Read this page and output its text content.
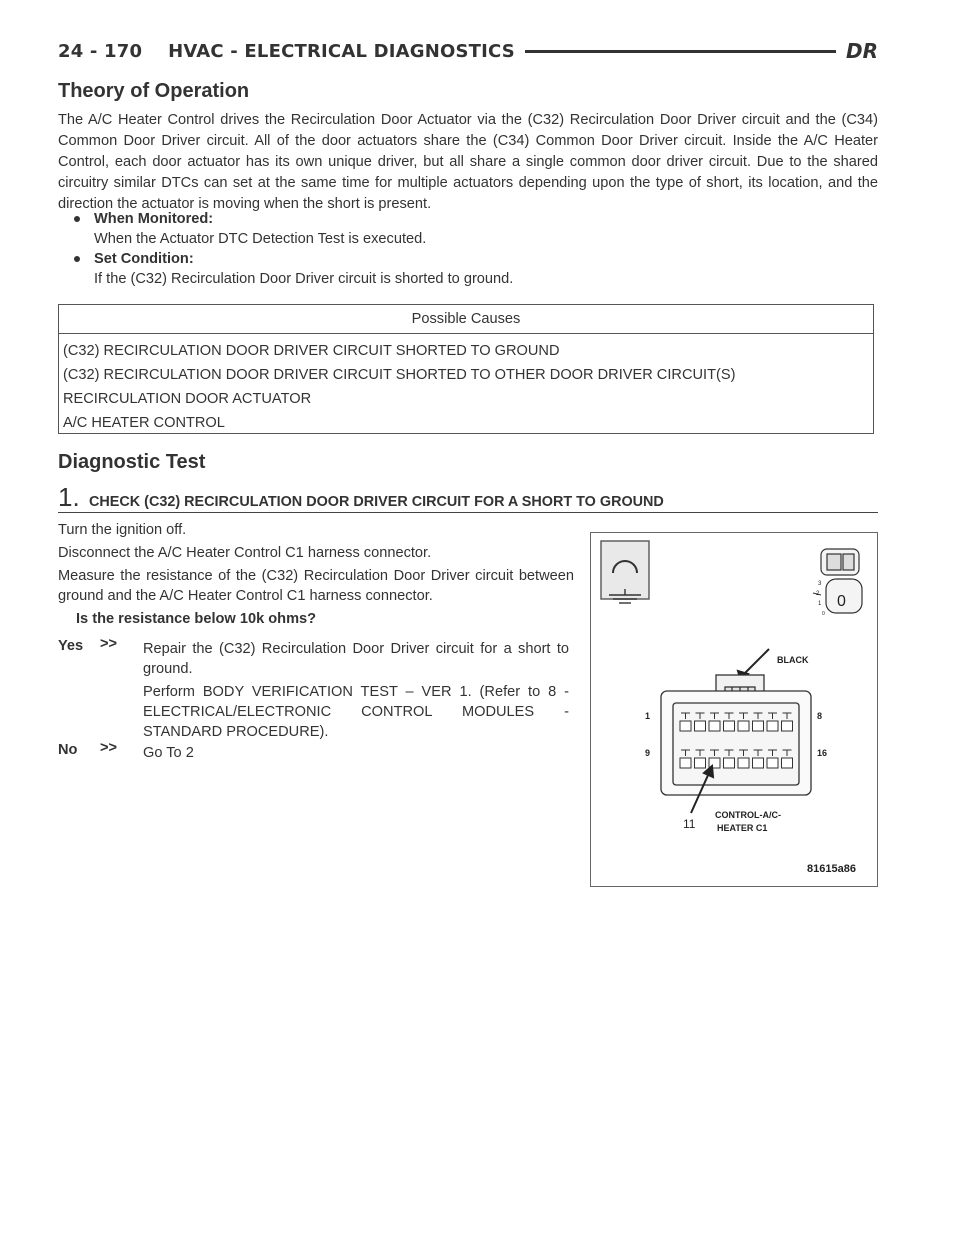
24 - 170    HVAC - ELECTRICAL DIAGNOSTICS	DR
Theory of Operation
The A/C Heater Control drives the Recirculation Door Actuator via the (C32) Recirculation Door Driver circuit and the (C34) Common Door Driver circuit. All of the door actuators share the (C34) Common Door Driver circuit. Inside the A/C Heater Control, each door actuator has its own unique driver, but all share a single common door driver circuit. Due to the shared circuitry similar DTCs can set at the same time for multiple actuators depending upon the type of short, its location, and the direction the actuator is moving when the short is present.
When Monitored:
When the Actuator DTC Detection Test is executed.
Set Condition:
If the (C32) Recirculation Door Driver circuit is shorted to ground.
Possible Causes
(C32) RECIRCULATION DOOR DRIVER CIRCUIT SHORTED TO GROUND
(C32) RECIRCULATION DOOR DRIVER CIRCUIT SHORTED TO OTHER DOOR DRIVER CIRCUIT(S)
RECIRCULATION DOOR ACTUATOR
A/C HEATER CONTROL
Diagnostic Test
1. CHECK (C32) RECIRCULATION DOOR DRIVER CIRCUIT FOR A SHORT TO GROUND
Turn the ignition off.
Disconnect the A/C Heater Control C1 harness connector.
Measure the resistance of the (C32) Recirculation Door Driver circuit between ground and the A/C Heater Control C1 harness connector.
Is the resistance below 10k ohms?
Yes >> Repair the (C32) Recirculation Door Driver circuit for a short to ground.
Perform BODY VERIFICATION TEST – VER 1. (Refer to 8 - ELECTRICAL/ELECTRONIC CONTROL MODULES - STANDARD PROCEDURE).
No >> Go To 2
0
3
2
1
0
BLACK
1	8
9	16
CONTROL-A/C-
HEATER C1
11
81615a86
